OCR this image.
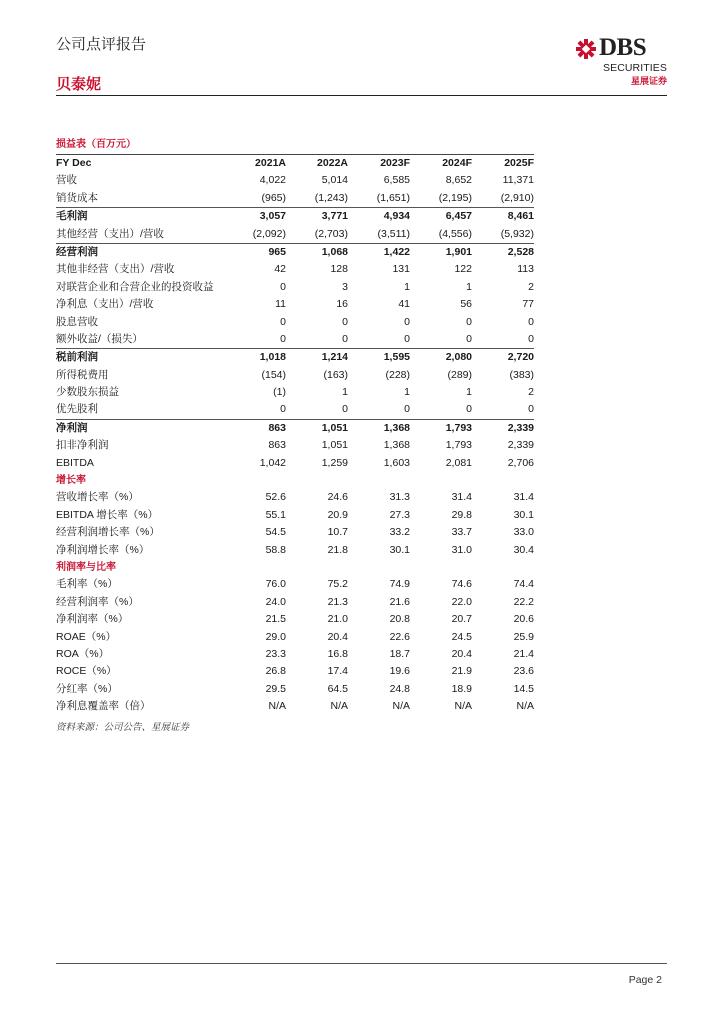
公司点评报告
贝泰妮
DBS
SECURITIES
星展证券
损益表（百万元）
FY Dec	2021A	2022A	2023F	2024F	2025F
营收	4,022	5,014	6,585	8,652	11,371
销货成本	(965)	(1,243)	(1,651)	(2,195)	(2,910)
毛利润	3,057	3,771	4,934	6,457	8,461
其他经营（支出）/营收	(2,092)	(2,703)	(3,511)	(4,556)	(5,932)
经营利润	965	1,068	1,422	1,901	2,528
其他非经营（支出）/营收	42	128	131	122	113
对联营企业和合营企业的投资收益	0	3	1	1	2
净利息（支出）/营收	11	16	41	56	77
股息营收	0	0	0	0	0
额外收益/（损失）	0	0	0	0	0
税前利润	1,018	1,214	1,595	2,080	2,720
所得税费用	(154)	(163)	(228)	(289)	(383)
少数股东损益	(1)	1	1	1	2
优先股利	0	0	0	0	0
净利润	863	1,051	1,368	1,793	2,339
扣非净利润	863	1,051	1,368	1,793	2,339
EBITDA	1,042	1,259	1,603	2,081	2,706
增长率
营收增长率（%）	52.6	24.6	31.3	31.4	31.4
EBITDA 增长率（%）	55.1	20.9	27.3	29.8	30.1
经营利润增长率（%）	54.5	10.7	33.2	33.7	33.0
净利润增长率（%）	58.8	21.8	30.1	31.0	30.4
利润率与比率
毛利率（%）	76.0	75.2	74.9	74.6	74.4
经营利润率（%）	24.0	21.3	21.6	22.0	22.2
净利润率（%）	21.5	21.0	20.8	20.7	20.6
ROAE（%）	29.0	20.4	22.6	24.5	25.9
ROA（%）	23.3	16.8	18.7	20.4	21.4
ROCE（%）	26.8	17.4	19.6	21.9	23.6
分红率（%）	29.5	64.5	24.8	18.9	14.5
净利息覆盖率（倍）	N/A	N/A	N/A	N/A	N/A
资料来源：公司公告、星展证券
Page 2
